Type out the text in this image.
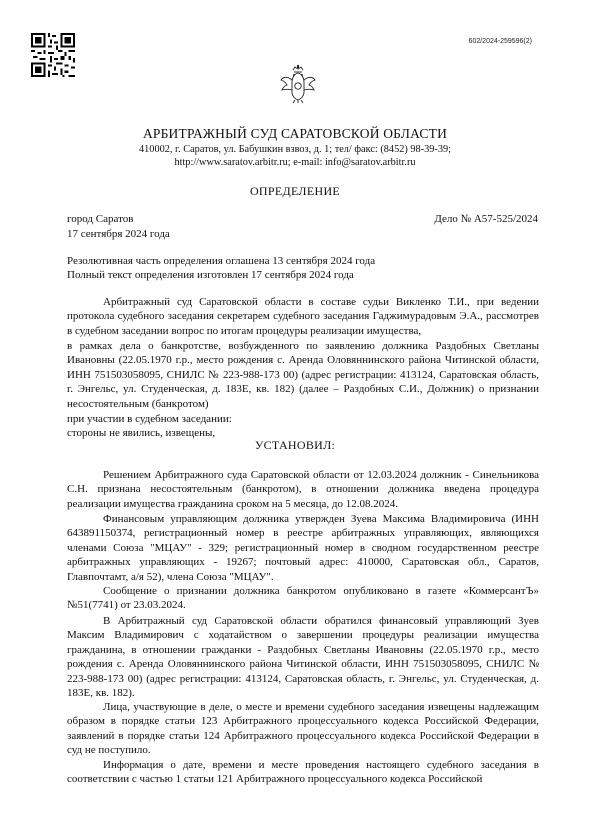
602/2024-259596(2)
АРБИТРАЖНЫЙ СУД САРАТОВСКОЙ ОБЛАСТИ
410002, г. Саратов, ул. Бабушкин взвоз, д. 1; тел/ факс: (8452) 98-39-39;
http://www.saratov.arbitr.ru; e-mail: info@saratov.arbitr.ru
ОПРЕДЕЛЕНИЕ
город Саратов	Дело № А57-525/2024
17 сентября 2024 года
Резолютивная часть определения оглашена 13 сентября 2024 года
Полный текст определения изготовлен 17 сентября 2024 года
Арбитражный суд Саратовской области в составе судьи Викленко Т.И., при ведении протокола судебного заседания секретарем судебного заседания Гаджимурадовым Э.А., рассмотрев в судебном заседании вопрос по итогам процедуры реализации имущества,
в рамках дела о банкротстве, возбужденного по заявлению должника Раздобных Светланы Ивановны (22.05.1970 г.р., место рождения с. Аренда Оловяннинского района Читинской области, ИНН 751503058095, СНИЛС № 223-988-173 00) (адрес регистрации: 413124, Саратовская область, г. Энгельс, ул. Студенческая, д. 183Е, кв. 182) (далее – Раздобных С.И., Должник) о признании несостоятельным (банкротом)
при участии в судебном заседании:
стороны не явились, извещены,
УСТАНОВИЛ:
Решением Арбитражного суда Саратовской области от 12.03.2024 должник - Синельникова С.Н. признана несостоятельным (банкротом), в отношении должника введена процедура реализации имущества гражданина сроком на 5 месяца, до 12.08.2024.
Финансовым управляющим должника утвержден Зуева Максима Владимировича (ИНН 643891150374, регистрационный номер в реестре арбитражных управляющих, являющихся членами Союза "МЦАУ" - 329; регистрационный номер в сводном государственном реестре арбитражных управляющих - 19267; почтовый адрес: 410000, Саратовская обл., Саратов, Главпочтамт, а/я 52), члена Союза "МЦАУ".
Сообщение о признании должника банкротом опубликовано в газете «КоммерсантЪ» №51(7741) от 23.03.2024.
В Арбитражный суд Саратовской области обратился финансовый управляющий Зуев Максим Владимирович с ходатайством о завершении процедуры реализации имущества гражданина, в отношении гражданки - Раздобных Светланы Ивановны (22.05.1970 г.р., место рождения с. Аренда Оловяннинского района Читинской области, ИНН 751503058095, СНИЛС № 223-988-173 00) (адрес регистрации: 413124, Саратовская область, г. Энгельс, ул. Студенческая, д. 183Е, кв. 182).
Лица, участвующие в деле, о месте и времени судебного заседания извещены надлежащим образом в порядке статьи 123 Арбитражного процессуального кодекса Российской Федерации, заявлений в порядке статьи 124 Арбитражного процессуального кодекса Российской Федерации в суд не поступило.
Информация о дате, времени и месте проведения настоящего судебного заседания в соответствии с частью 1 статьи 121 Арбитражного процессуального кодекса Российской
